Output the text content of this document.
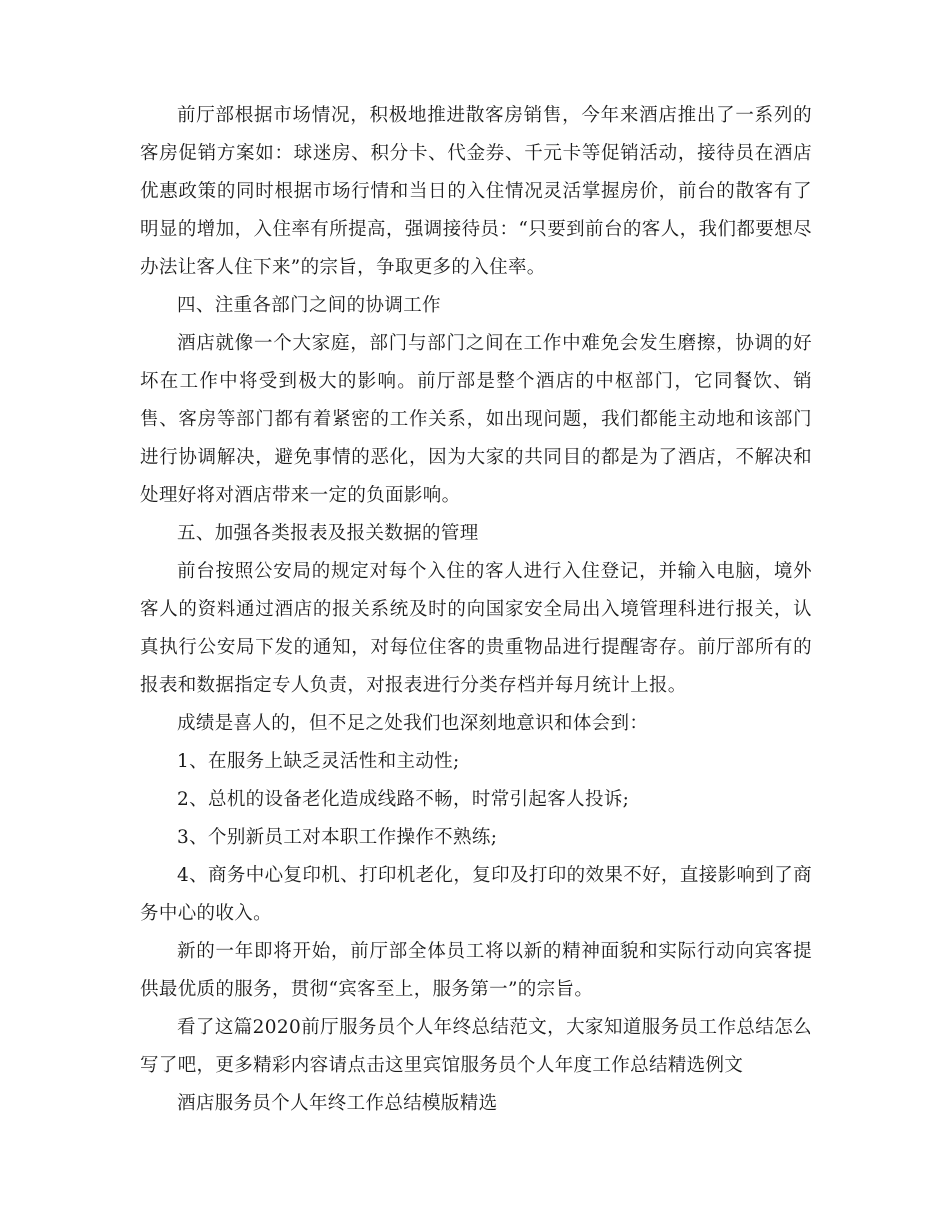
前厅部根据市场情况，积极地推进散客房销售，今年来酒店推出了一系列的客房促销方案如：球迷房、积分卡、代金券、千元卡等促销活动，接待员在酒店优惠政策的同时根据市场行情和当日的入住情况灵活掌握房价，前台的散客有了明显的增加，入住率有所提高，强调接待员：“只要到前台的客人，我们都要想尽办法让客人住下来”的宗旨，争取更多的入住率。

四、注重各部门之间的协调工作

酒店就像一个大家庭，部门与部门之间在工作中难免会发生磨擦，协调的好坏在工作中将受到极大的影响。前厅部是整个酒店的中枢部门，它同餐饮、销售、客房等部门都有着紧密的工作关系，如出现问题，我们都能主动地和该部门进行协调解决，避免事情的恶化，因为大家的共同目的都是为了酒店，不解决和处理好将对酒店带来一定的负面影响。

五、加强各类报表及报关数据的管理

前台按照公安局的规定对每个入住的客人进行入住登记，并输入电脑，境外客人的资料通过酒店的报关系统及时的向国家安全局出入境管理科进行报关，认真执行公安局下发的通知，对每位住客的贵重物品进行提醒寄存。前厅部所有的报表和数据指定专人负责，对报表进行分类存档并每月统计上报。

成绩是喜人的，但不足之处我们也深刻地意识和体会到：

1、在服务上缺乏灵活性和主动性;

2、总机的设备老化造成线路不畅，时常引起客人投诉;

3、个别新员工对本职工作操作不熟练;

4、商务中心复印机、打印机老化，复印及打印的效果不好，直接影响到了商务中心的收入。

新的一年即将开始，前厅部全体员工将以新的精神面貌和实际行动向宾客提供最优质的服务，贯彻“宾客至上，服务第一”的宗旨。

看了这篇2020前厅服务员个人年终总结范文，大家知道服务员工作总结怎么写了吧，更多精彩内容请点击这里宾馆服务员个人年度工作总结精选例文

酒店服务员个人年终工作总结模版精选
